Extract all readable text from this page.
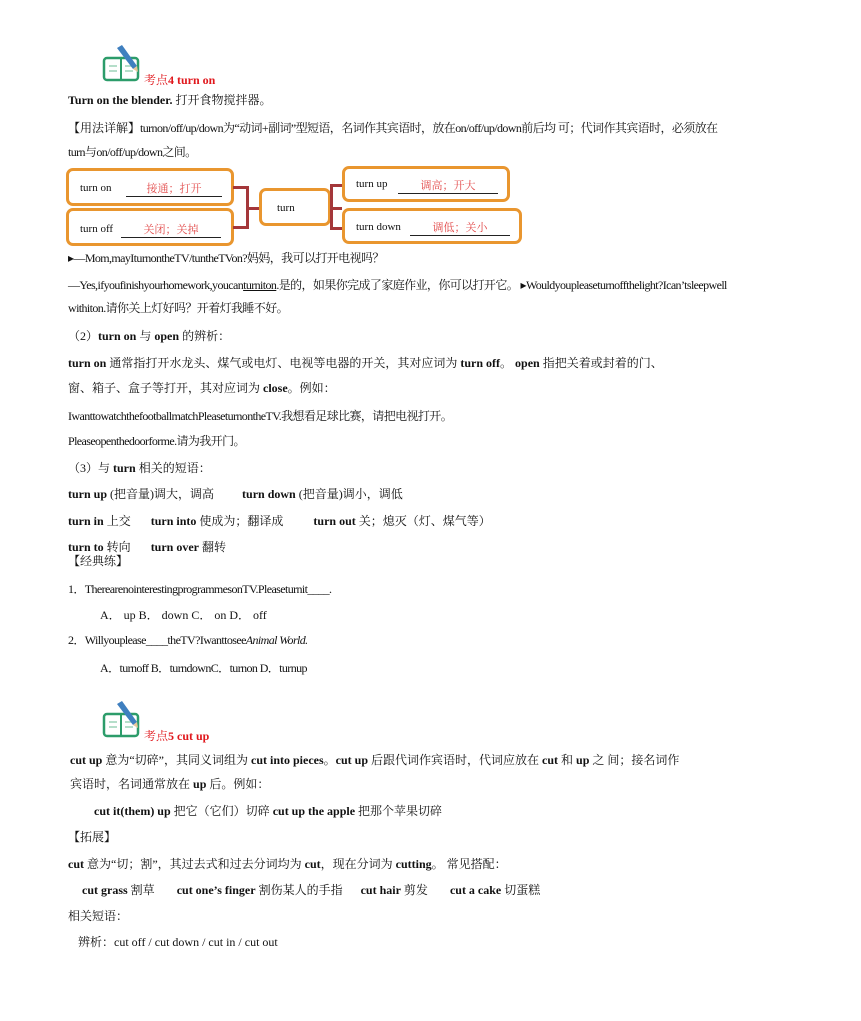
考点4 turn on
Turn on the blender. 打开食物搅拌器。
【用法详解】turnon/off/up/down为“动词+副词”型短语，名词作其宾语时，放在on/off/up/down前后均 可；代词作其宾语时，必须放在
turn与on/off/up/down之间。
turn on	接通；打开
turn off	关闭；关掉
turn
turn up	调高；开大
turn down	调低；关小
▸—Mom,mayIturnontheTV/tuntheTVon?妈妈，我可以打开电视吗？
—Yes,ifyoufinishyourhomework,youcanturniton.是的，如果你完成了家庭作业，你可以打开它。 ▸Wouldyoupleaseturnoffthelight?Ican’tsleepwell
withiton.请你关上灯好吗？开着灯我睡不好。
（2）turn on 与 open 的辨析：
turn on 通常指打开水龙头、煤气或电灯、电视等电器的开关，其对应词为 turn off。 open 指把关着或封着的门、
窗、箱子、盒子等打开，其对应词为 close。例如：
IwanttowatchthefootballmatchPleaseturnontheTV.我想看足球比赛，请把电视打开。
Pleaseopenthedoorforme.请为我开门。
（3）与 turn 相关的短语：
turn up (把音量)调大，调高 turn down (把音量)调小，调低
turn in 上交 turn into 使成为；翻译成	turn out 关；熄灭（灯、煤气等）
turn to 转向 turn over 翻转
【经典练】
1．TherearenointerestingprogrammesonTV.Pleaseturnit____.
A． up B． down C． on D． off
2．Willyouplease____theTV?IwanttoseeAnimal World.
A．turnoff B．turndownC．turnon D．turnup
考点5 cut up
cut up 意为“切碎”，其同义词组为 cut into pieces。cut up 后跟代词作宾语时，代词应放在 cut 和 up 之 间；接名词作
宾语时，名词通常放在 up 后。例如：
cut it(them) up 把它（它们）切碎 cut up the apple 把那个苹果切碎
【拓展】
cut 意为“切；割”，其过去式和过去分词均为 cut，现在分词为 cutting。 常见搭配：
cut grass 割草 cut one’s finger 割伤某人的手指 cut hair 剪发 cut a cake 切蛋糕
相关短语：
辨析：cut off / cut down / cut in / cut out
